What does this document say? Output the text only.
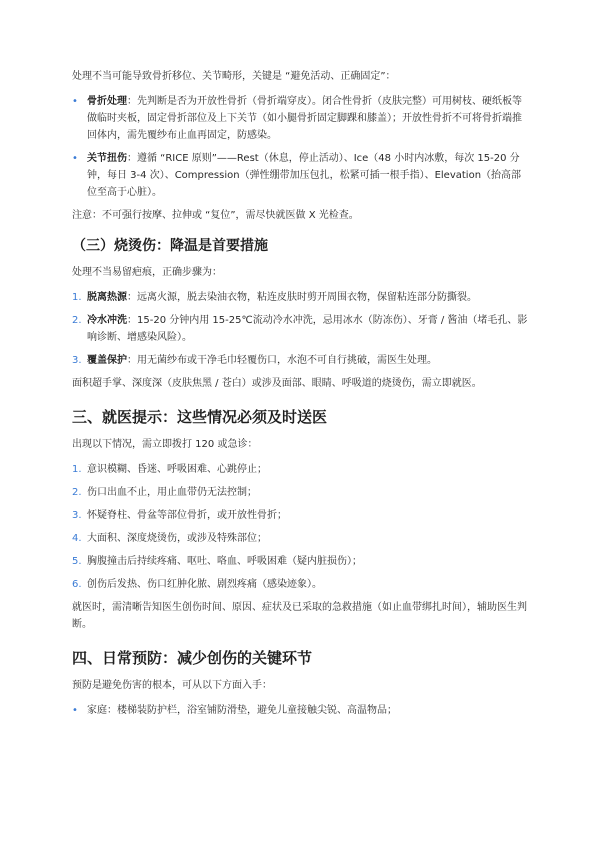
处理不当可能导致骨折移位、关节畸形，关键是 “避免活动、正确固定”：

• 骨折处理：先判断是否为开放性骨折（骨折端穿皮）。闭合性骨折（皮肤完整）可用树枝、硬纸板等做临时夹板，固定骨折部位及上下关节（如小腿骨折固定脚踝和膝盖）；开放性骨折不可将骨折端推回体内，需先覆纱布止血再固定，防感染。
• 关节扭伤：遵循 “RICE 原则”——Rest（休息，停止活动）、Ice（48 小时内冰敷，每次 15-20 分钟，每日 3-4 次）、Compression（弹性绷带加压包扎，松紧可插一根手指）、Elevation（抬高部位至高于心脏）。

注意：不可强行按摩、拉伸或 “复位”，需尽快就医做 X 光检查。

（三）烧烫伤：降温是首要措施

处理不当易留疤痕，正确步骤为：

1. 脱离热源：远离火源，脱去染油衣物，粘连皮肤时剪开周围衣物，保留粘连部分防撕裂。
2. 冷水冲洗：15-20 分钟内用 15-25℃流动冷水冲洗，忌用冰水（防冻伤）、牙膏 / 酱油（堵毛孔、影响诊断、增感染风险）。
3. 覆盖保护：用无菌纱布或干净毛巾轻覆伤口，水泡不可自行挑破，需医生处理。

面积超手掌、深度深（皮肤焦黑 / 苍白）或涉及面部、眼睛、呼吸道的烧烫伤，需立即就医。

三、就医提示：这些情况必须及时送医

出现以下情况，需立即拨打 120 或急诊：

1. 意识模糊、昏迷、呼吸困难、心跳停止；
2. 伤口出血不止，用止血带仍无法控制；
3. 怀疑脊柱、骨盆等部位骨折，或开放性骨折；
4. 大面积、深度烧烫伤，或涉及特殊部位；
5. 胸腹撞击后持续疼痛、呕吐、咯血、呼吸困难（疑内脏损伤）；
6. 创伤后发热、伤口红肿化脓、剧烈疼痛（感染迹象）。

就医时，需清晰告知医生创伤时间、原因、症状及已采取的急救措施（如止血带绑扎时间），辅助医生判断。

四、日常预防：减少创伤的关键环节

预防是避免伤害的根本，可从以下方面入手：

• 家庭：楼梯装防护栏，浴室铺防滑垫，避免儿童接触尖锐、高温物品；
